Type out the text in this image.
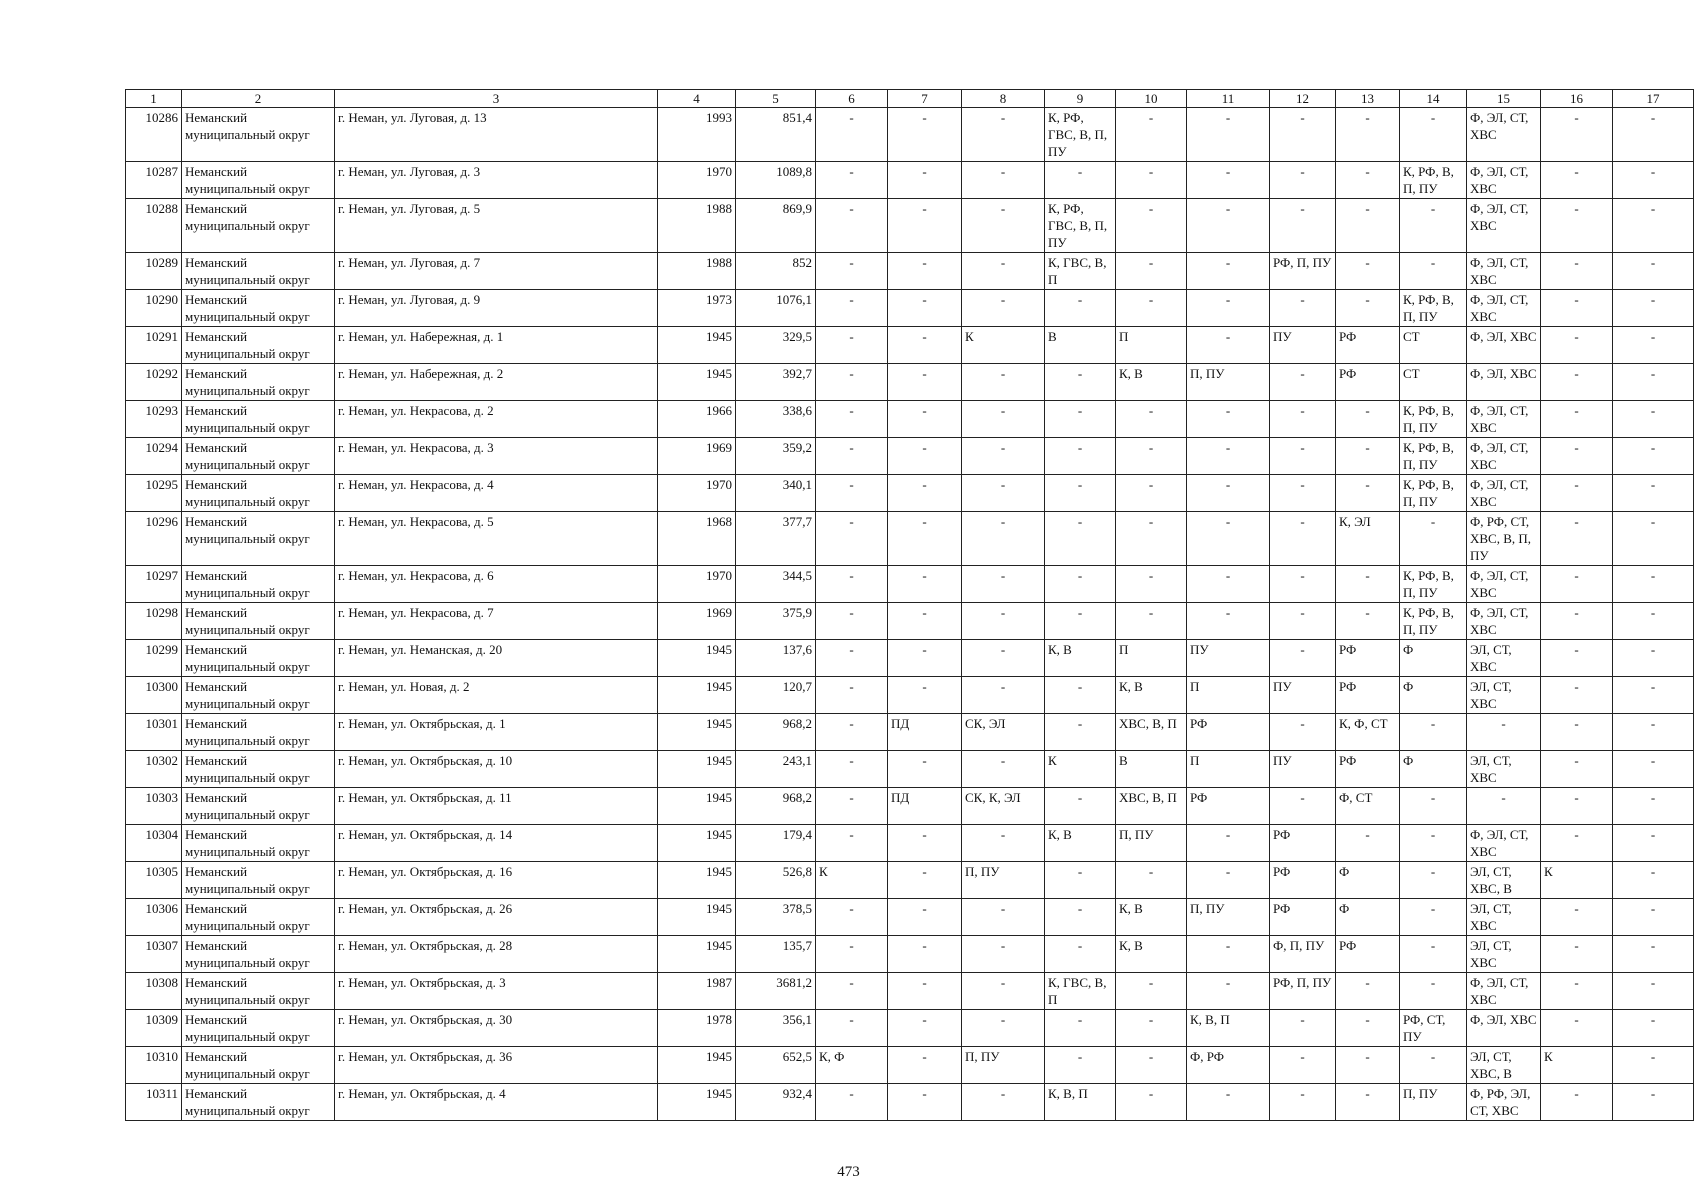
1	2	3	4	5	6	7	8	9	10	11	12	13	14	15	16	17
10286	Неманский муниципальный округ	г. Неман, ул. Луговая, д. 13	1993	851,4	-	-	-	К, РФ, ГВС, В, П, ПУ	-	-	-	-	-	Ф, ЭЛ, СТ, ХВС	-	-
10287	Неманский муниципальный округ	г. Неман, ул. Луговая, д. 3	1970	1089,8	-	-	-	-	-	-	-	-	К, РФ, В, П, ПУ	Ф, ЭЛ, СТ, ХВС	-	-
10288	Неманский муниципальный округ	г. Неман, ул. Луговая, д. 5	1988	869,9	-	-	-	К, РФ, ГВС, В, П, ПУ	-	-	-	-	-	Ф, ЭЛ, СТ, ХВС	-	-
10289	Неманский муниципальный округ	г. Неман, ул. Луговая, д. 7	1988	852	-	-	-	К, ГВС, В, П	-	-	РФ, П, ПУ	-	-	Ф, ЭЛ, СТ, ХВС	-	-
10290	Неманский муниципальный округ	г. Неман, ул. Луговая, д. 9	1973	1076,1	-	-	-	-	-	-	-	-	К, РФ, В, П, ПУ	Ф, ЭЛ, СТ, ХВС	-	-
10291	Неманский муниципальный округ	г. Неман, ул. Набережная, д. 1	1945	329,5	-	-	К	В	П	-	ПУ	РФ	СТ	Ф, ЭЛ, ХВС	-	-
10292	Неманский муниципальный округ	г. Неман, ул. Набережная, д. 2	1945	392,7	-	-	-	-	К, В	П, ПУ	-	РФ	СТ	Ф, ЭЛ, ХВС	-	-
10293	Неманский муниципальный округ	г. Неман, ул. Некрасова, д. 2	1966	338,6	-	-	-	-	-	-	-	-	К, РФ, В, П, ПУ	Ф, ЭЛ, СТ, ХВС	-	-
10294	Неманский муниципальный округ	г. Неман, ул. Некрасова, д. 3	1969	359,2	-	-	-	-	-	-	-	-	К, РФ, В, П, ПУ	Ф, ЭЛ, СТ, ХВС	-	-
10295	Неманский муниципальный округ	г. Неман, ул. Некрасова, д. 4	1970	340,1	-	-	-	-	-	-	-	-	К, РФ, В, П, ПУ	Ф, ЭЛ, СТ, ХВС	-	-
10296	Неманский муниципальный округ	г. Неман, ул. Некрасова, д. 5	1968	377,7	-	-	-	-	-	-	-	К, ЭЛ	-	Ф, РФ, СТ, ХВС, В, П, ПУ	-	-
10297	Неманский муниципальный округ	г. Неман, ул. Некрасова, д. 6	1970	344,5	-	-	-	-	-	-	-	-	К, РФ, В, П, ПУ	Ф, ЭЛ, СТ, ХВС	-	-
10298	Неманский муниципальный округ	г. Неман, ул. Некрасова, д. 7	1969	375,9	-	-	-	-	-	-	-	-	К, РФ, В, П, ПУ	Ф, ЭЛ, СТ, ХВС	-	-
10299	Неманский муниципальный округ	г. Неман, ул. Неманская, д. 20	1945	137,6	-	-	-	К, В	П	ПУ	-	РФ	Ф	ЭЛ, СТ, ХВС	-	-
10300	Неманский муниципальный округ	г. Неман, ул. Новая, д. 2	1945	120,7	-	-	-	-	К, В	П	ПУ	РФ	Ф	ЭЛ, СТ, ХВС	-	-
10301	Неманский муниципальный округ	г. Неман, ул. Октябрьская, д. 1	1945	968,2	-	ПД	СК, ЭЛ	-	ХВС, В, П	РФ	-	К, Ф, СТ	-	-	-	-
10302	Неманский муниципальный округ	г. Неман, ул. Октябрьская, д. 10	1945	243,1	-	-	-	К	В	П	ПУ	РФ	Ф	ЭЛ, СТ, ХВС	-	-
10303	Неманский муниципальный округ	г. Неман, ул. Октябрьская, д. 11	1945	968,2	-	ПД	СК, К, ЭЛ	-	ХВС, В, П	РФ	-	Ф, СТ	-	-	-	-
10304	Неманский муниципальный округ	г. Неман, ул. Октябрьская, д. 14	1945	179,4	-	-	-	К, В	П, ПУ	-	РФ	-	-	Ф, ЭЛ, СТ, ХВС	-	-
10305	Неманский муниципальный округ	г. Неман, ул. Октябрьская, д. 16	1945	526,8	К	-	П, ПУ	-	-	-	РФ	Ф	-	ЭЛ, СТ, ХВС, В	К	-
10306	Неманский муниципальный округ	г. Неман, ул. Октябрьская, д. 26	1945	378,5	-	-	-	-	К, В	П, ПУ	РФ	Ф	-	ЭЛ, СТ, ХВС	-	-
10307	Неманский муниципальный округ	г. Неман, ул. Октябрьская, д. 28	1945	135,7	-	-	-	-	К, В	-	Ф, П, ПУ	РФ	-	ЭЛ, СТ, ХВС	-	-
10308	Неманский муниципальный округ	г. Неман, ул. Октябрьская, д. 3	1987	3681,2	-	-	-	К, ГВС, В, П	-	-	РФ, П, ПУ	-	-	Ф, ЭЛ, СТ, ХВС	-	-
10309	Неманский муниципальный округ	г. Неман, ул. Октябрьская, д. 30	1978	356,1	-	-	-	-	-	К, В, П	-	-	РФ, СТ, ПУ	Ф, ЭЛ, ХВС	-	-
10310	Неманский муниципальный округ	г. Неман, ул. Октябрьская, д. 36	1945	652,5	К, Ф	-	П, ПУ	-	-	Ф, РФ	-	-	-	ЭЛ, СТ, ХВС, В	К	-
10311	Неманский муниципальный округ	г. Неман, ул. Октябрьская, д. 4	1945	932,4	-	-	-	К, В, П	-	-	-	-	П, ПУ	Ф, РФ, ЭЛ, СТ, ХВС	-	-
473
